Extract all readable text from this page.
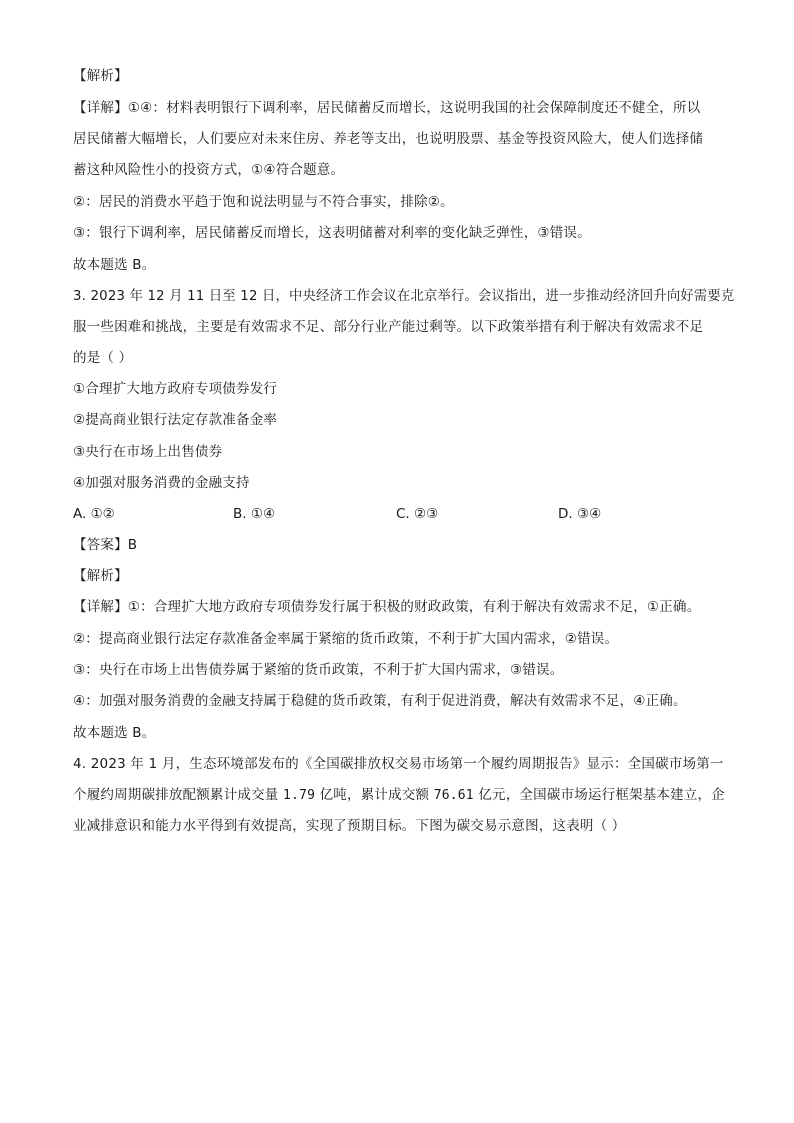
【解析】
【详解】①④：材料表明银行下调利率，居民储蓄反而增长，这说明我国的社会保障制度还不健全，所以
居民储蓄大幅增长，人们要应对未来住房、养老等支出，也说明股票、基金等投资风险大，使人们选择储
蓄这种风险性小的投资方式，①④符合题意。
②：居民的消费水平趋于饱和说法明显与不符合事实，排除②。
③：银行下调利率，居民储蓄反而增长，这表明储蓄对利率的变化缺乏弹性，③错误。
故本题选 B。
3. 2023 年 12 月 11 日至 12 日，中央经济工作会议在北京举行。会议指出，进一步推动经济回升向好需要克
服一些困难和挑战，主要是有效需求不足、部分行业产能过剩等。以下政策举措有利于解决有效需求不足
的是（ ）
①合理扩大地方政府专项债券发行
②提高商业银行法定存款准备金率
③央行在市场上出售债券
④加强对服务消费的金融支持
A. ①②	B. ①④	C. ②③	D. ③④
【答案】B
【解析】
【详解】①：合理扩大地方政府专项债券发行属于积极的财政政策，有利于解决有效需求不足，①正确。
②：提高商业银行法定存款准备金率属于紧缩的货币政策，不利于扩大国内需求，②错误。
③：央行在市场上出售债券属于紧缩的货币政策，不利于扩大国内需求，③错误。
④：加强对服务消费的金融支持属于稳健的货币政策，有利于促进消费，解决有效需求不足，④正确。
故本题选 B。
4. 2023 年 1 月，生态环境部发布的《全国碳排放权交易市场第一个履约周期报告》显示：全国碳市场第一
个履约周期碳排放配额累计成交量 1.79 亿吨，累计成交额 76.61 亿元，全国碳市场运行框架基本建立，企
业减排意识和能力水平得到有效提高，实现了预期目标。下图为碳交易示意图，这表明（ ）
